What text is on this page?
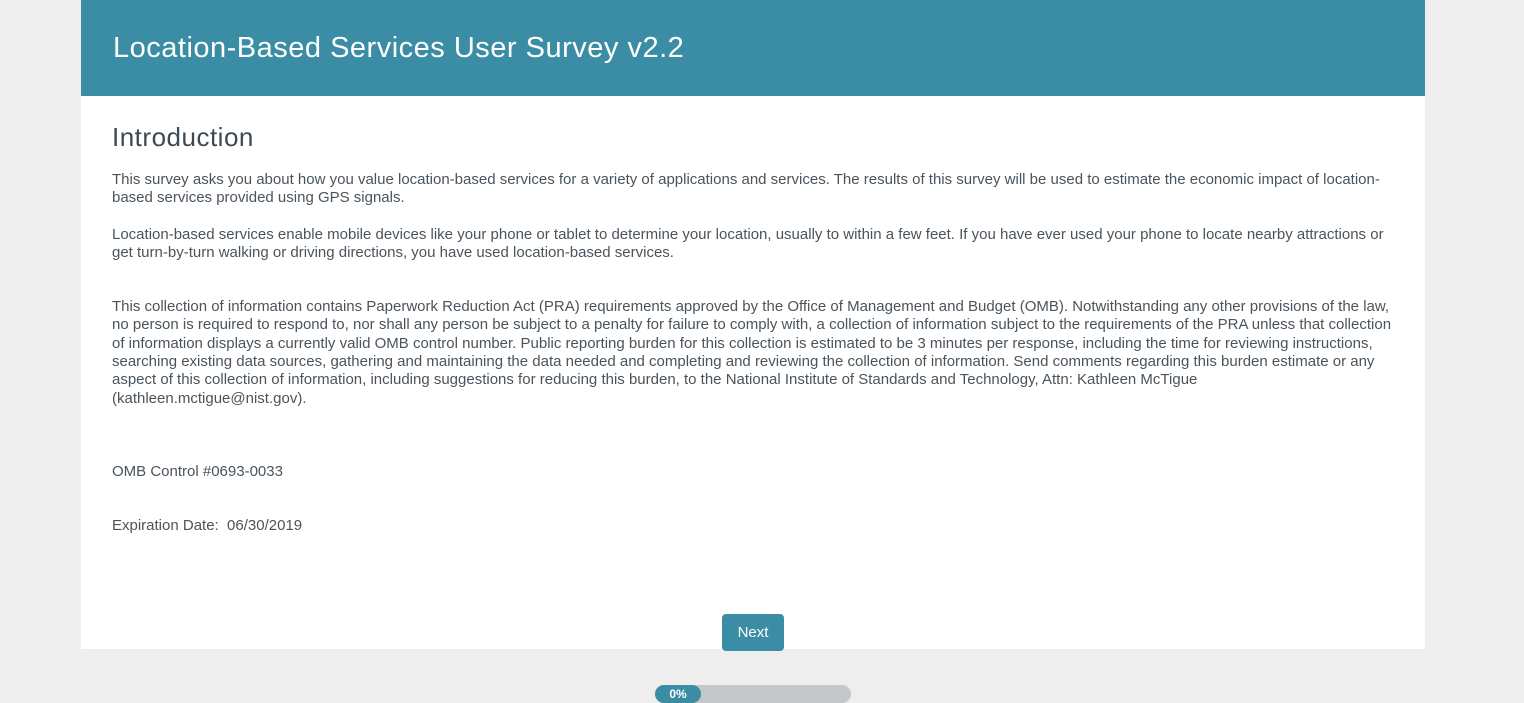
Location-Based Services User Survey v2.2
Introduction

This survey asks you about how you value location-based services for a variety of applications and services. The results of this survey will be used to estimate the economic impact of location-based services provided using GPS signals.

Location-based services enable mobile devices like your phone or tablet to determine your location, usually to within a few feet. If you have ever used your phone to locate nearby attractions or get turn-by-turn walking or driving directions, you have used location-based services.

This collection of information contains Paperwork Reduction Act (PRA) requirements approved by the Office of Management and Budget (OMB). Notwithstanding any other provisions of the law, no person is required to respond to, nor shall any person be subject to a penalty for failure to comply with, a collection of information subject to the requirements of the PRA unless that collection of information displays a currently valid OMB control number. Public reporting burden for this collection is estimated to be 3 minutes per response, including the time for reviewing instructions, searching existing data sources, gathering and maintaining the data needed and completing and reviewing the collection of information. Send comments regarding this burden estimate or any aspect of this collection of information, including suggestions for reducing this burden, to the National Institute of Standards and Technology, Attn: Kathleen McTigue (kathleen.mctigue@nist.gov).

OMB Control #0693-0033

Expiration Date:  06/30/2019

Next
0%
